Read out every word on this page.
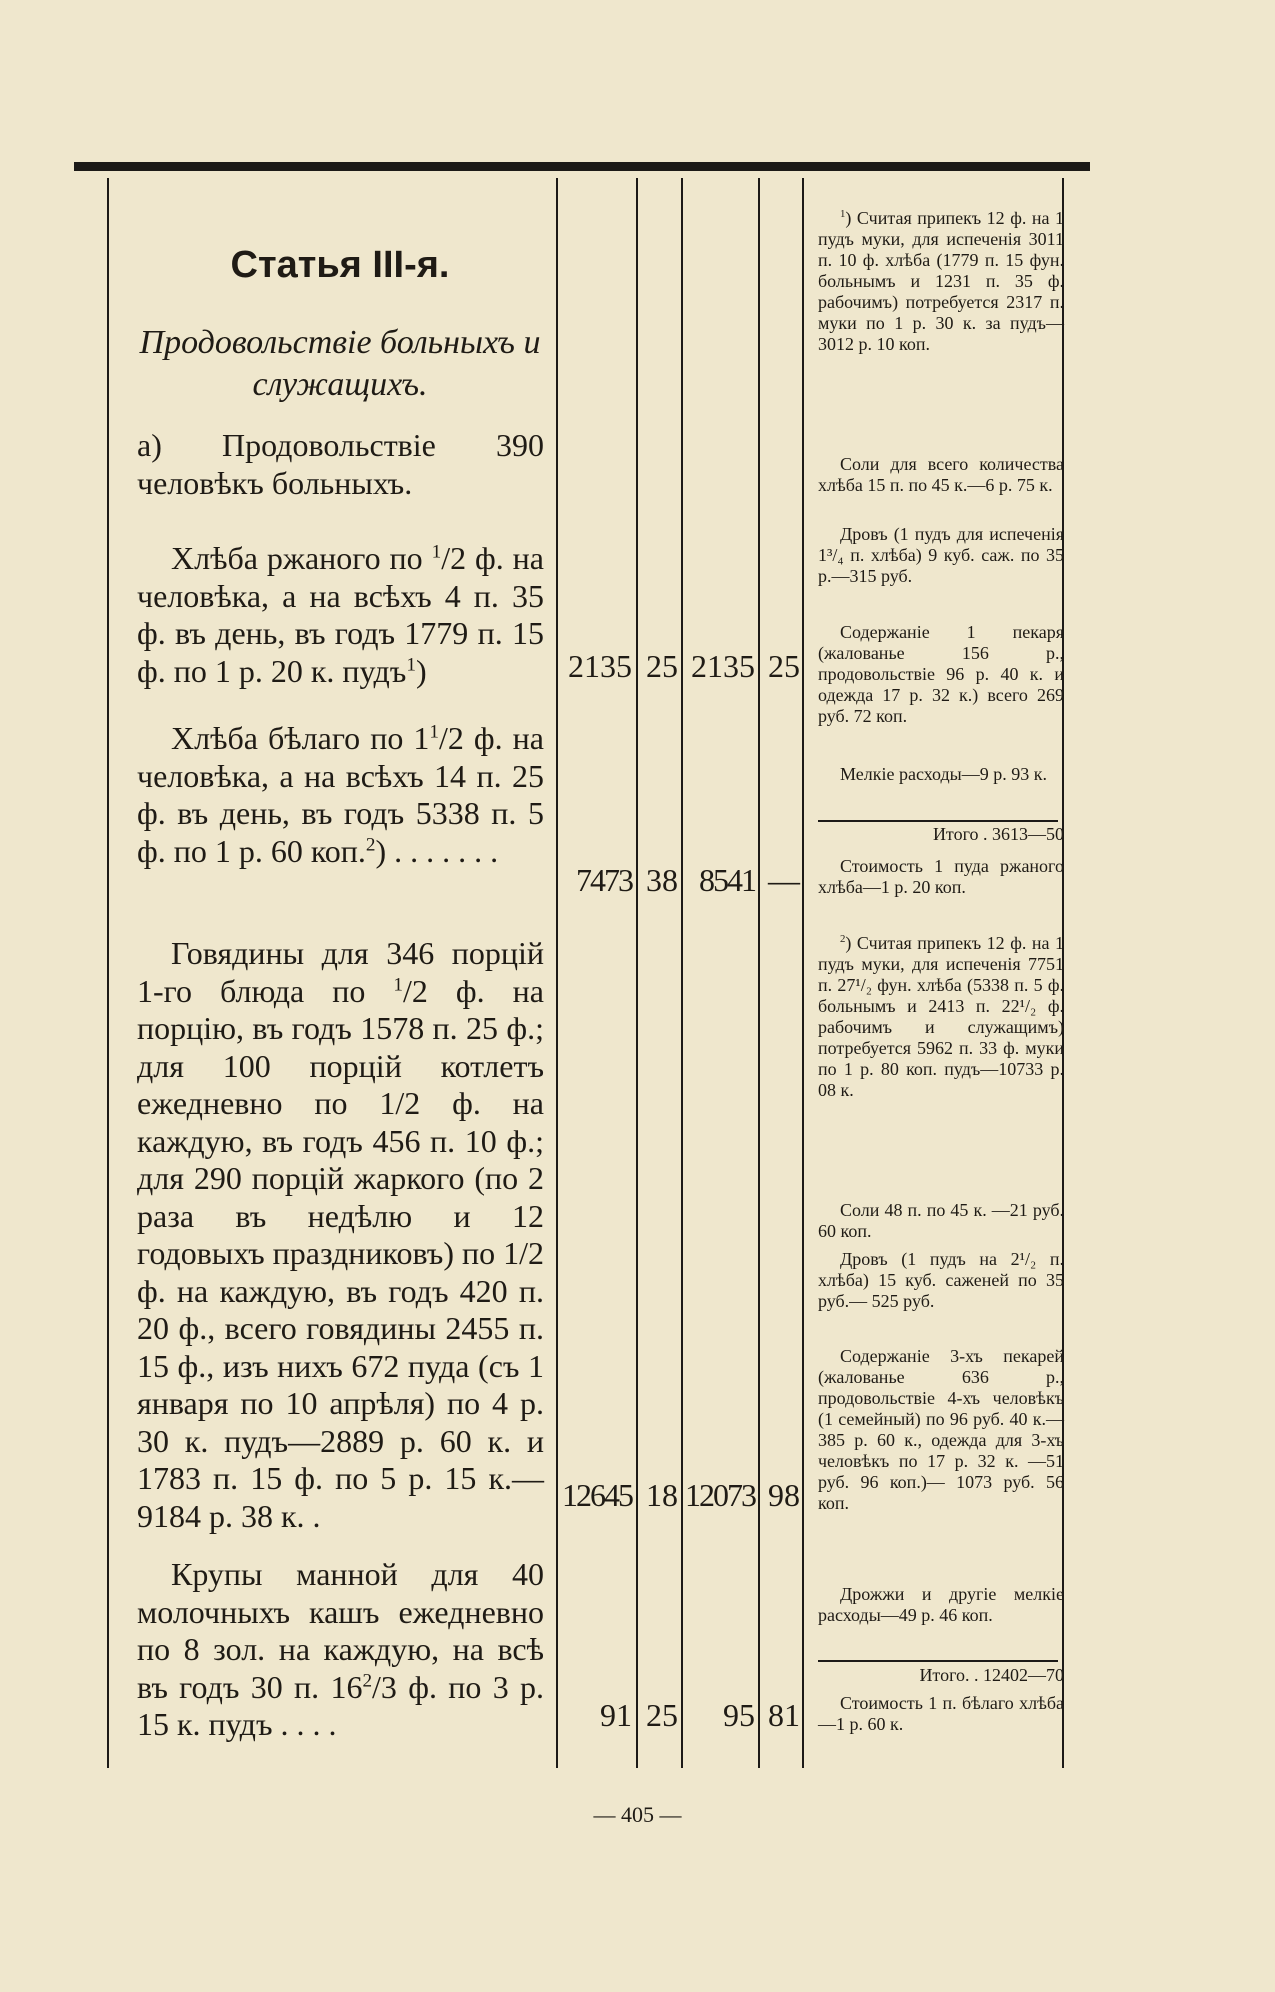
Статья III-я.
Продовольствіе больныхъ и служащихъ.

а) Продовольствіе 390 человѣкъ больныхъ.

Хлѣба ржаного по $^1$/2 ф. на человѣка, а на всѣхъ 4 п. 35 ф. въ день, въ годъ 1779 п. 15 ф. по 1 р. 20 к. пудъ$^1$)

Хлѣба бѣлаго по $1^1/2$ ф. на человѣка, а на всѣхъ 14 п. 25 ф. въ день, въ годъ 5338 п. 5 ф. по 1 р. 60 коп.$^2$) . . . . . . .

Говядины для 346 порцій 1-го блюда по $^1$/2 ф. на порцію, въ годъ 1578 п. 25 ф.; для 100 порцій котлетъ ежедневно по 1/2 ф. на каждую, въ годъ 456 п. 10 ф.; для 290 порцій жаркого (по 2 раза въ недѣлю и 12 годовыхъ праздниковъ) по 1/2 ф. на каждую, въ годъ 420 п. 20 ф., всего говядины 2455 п. 15 ф., изъ нихъ 672 пуда (съ 1 января по 10 апрѣля) по 4 р. 30 к. пудъ—2889 р. 60 к. и 1783 п. 15 ф. по 5 р. 15 к.—9184 р. 38 к. .

Крупы манной для 40 молочныхъ кашъ ежедневно по 8 зол. на каждую, на всѣ въ годъ 30 п. $16^2/3$ ф. по 3 р. 15 к. пудъ . . . .

2135 25 2135 25
7473 38 8541 —
12645 18 12073 98
91 25	95 81

$^1$) Считая припекъ 12 ф. на 1 пудъ муки, для испеченія 3011 п. 10 ф. хлѣба (1779 п. 15 фун. больнымъ и 1231 п. 35 ф. рабочимъ) потребуется 2317 п. муки по 1 р. 30 к. за пудъ—3012 р. 10 коп.

Соли для всего количества хлѣба 15 п. по 45 к.—6 р. 75 к.

Дровъ (1 пудъ для испеченія 1³/₄ п. хлѣба) 9 куб. саж. по 35 р.—315 руб.

Содержаніе 1 пекаря (жалованье 156 р., продовольствіе 96 р. 40 к. и одежда 17 р. 32 к.) всего 269 руб. 72 коп.

Мелкіе расходы—9 р. 93 к.

Итого . 3613—50

Стоимость 1 пуда ржаного хлѣба—1 р. 20 коп.

$^2$) Считая припекъ 12 ф. на 1 пудъ муки, для испеченія 7751 п. 27¹/₂ фун. хлѣба (5338 п. 5 ф. больнымъ и 2413 п. 22¹/₂ ф. рабочимъ и служащимъ) потребуется 5962 п. 33 ф. муки по 1 р. 80 коп. пудъ—10733 р. 08 к.

Соли 48 п. по 45 к. —21 руб. 60 коп.

Дровъ (1 пудъ на 2¹/₂ п. хлѣба) 15 куб. саженей по 35 руб.— 525 руб.

Содержаніе 3-хъ пекарей (жалованье 636 р., продовольствіе 4-хъ человѣкъ (1 семейный) по 96 руб. 40 к.—385 р. 60 к., одежда для 3-хъ человѣкъ по 17 р. 32 к. —51 руб. 96 коп.)— 1073 руб. 56 коп.

Дрожжи и другіе мелкіе расходы—49 р. 46 коп.

Итого. . 12402—70

Стоимость 1 п. бѣлаго хлѣба—1 р. 60 к.

— 405 —
